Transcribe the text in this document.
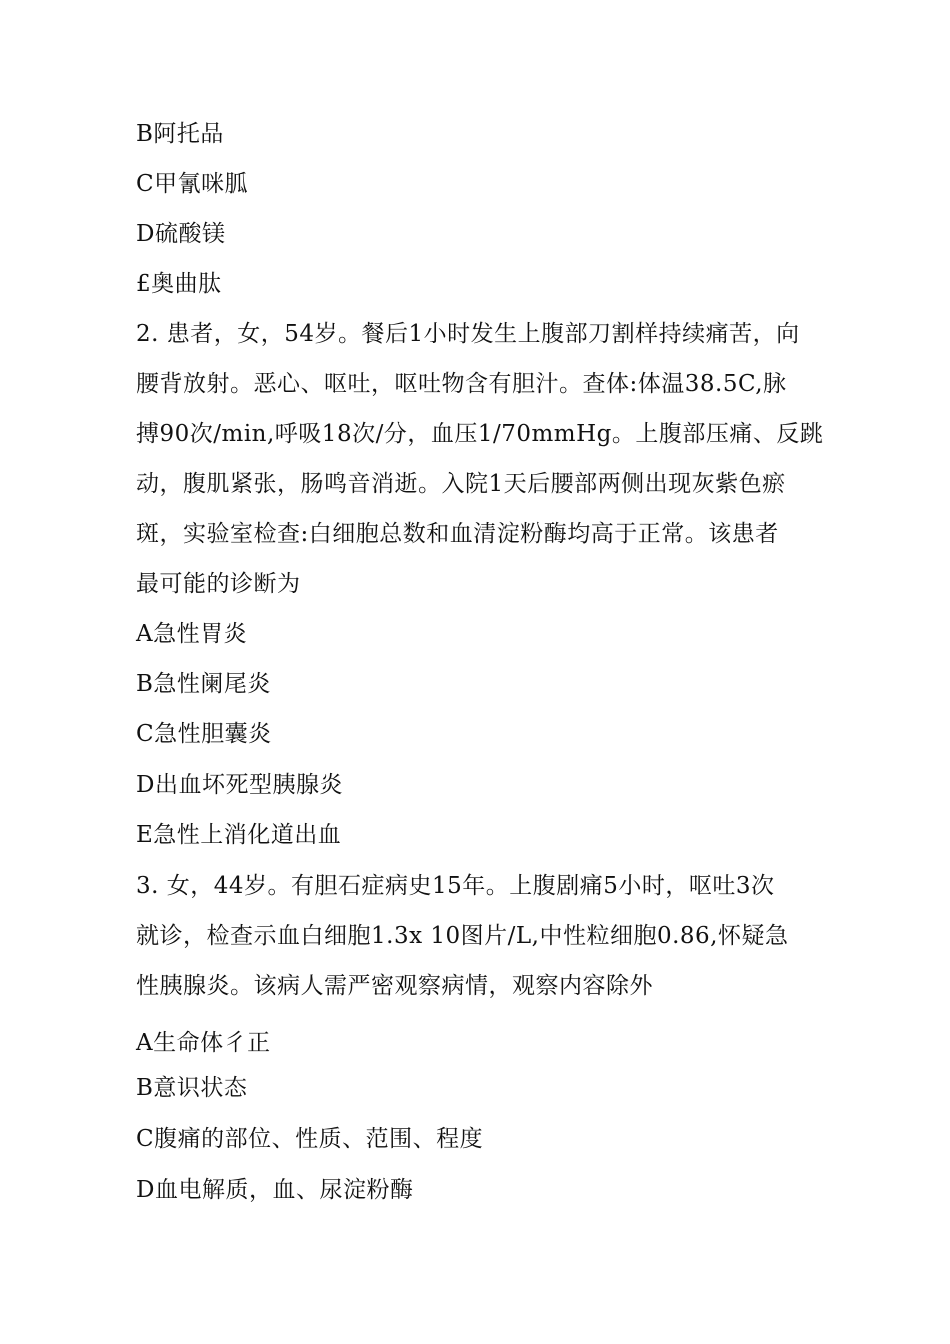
B阿托品
C甲氰咪胍
D硫酸镁
£奥曲肽
2. 患者，女，54岁。餐后1小时发生上腹部刀割样持续痛苦，向
腰背放射。恶心、呕吐，呕吐物含有胆汁。查体:体温38.5C,脉
搏90次/min,呼吸18次/分，血压1/70mmHg。上腹部压痛、反跳
动，腹肌紧张，肠鸣音消逝。入院1天后腰部两侧出现灰紫色瘀
斑，实验室检查:白细胞总数和血清淀粉酶均高于正常。该患者
最可能的诊断为
A急性胃炎
B急性阑尾炎
C急性胆囊炎
D出血坏死型胰腺炎
E急性上消化道出血
3. 女，44岁。有胆石症病史15年。上腹剧痛5小时，呕吐3次
就诊，检查示血白细胞1.3x 10图片/L,中性粒细胞0.86,怀疑急
性胰腺炎。该病人需严密观察病情，观察内容除外
A生命体彳正
B意识状态
C腹痛的部位、性质、范围、程度
D血电解质，血、尿淀粉酶
